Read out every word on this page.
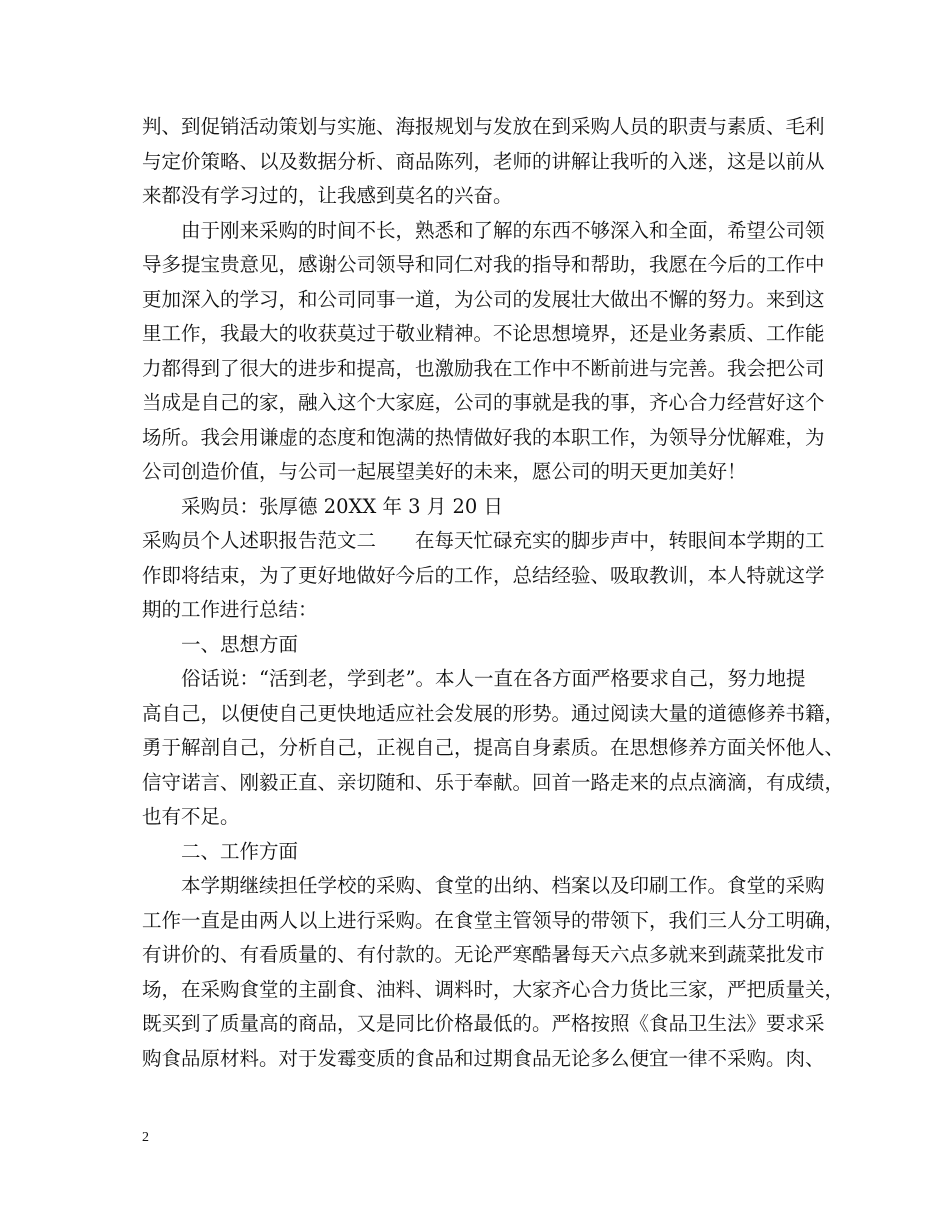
判、到促销活动策划与实施、海报规划与发放在到采购人员的职责与素质、毛利
与定价策略、以及数据分析、商品陈列，老师的讲解让我听的入迷，这是以前从
来都没有学习过的，让我感到莫名的兴奋。
由于刚来采购的时间不长，熟悉和了解的东西不够深入和全面，希望公司领
导多提宝贵意见，感谢公司领导和同仁对我的指导和帮助，我愿在今后的工作中
更加深入的学习，和公司同事一道，为公司的发展壮大做出不懈的努力。来到这
里工作，我最大的收获莫过于敬业精神。不论思想境界，还是业务素质、工作能
力都得到了很大的进步和提高，也激励我在工作中不断前进与完善。我会把公司
当成是自己的家，融入这个大家庭，公司的事就是我的事，齐心合力经营好这个
场所。我会用谦虚的态度和饱满的热情做好我的本职工作，为领导分忧解难，为
公司创造价值，与公司一起展望美好的未来，愿公司的明天更加美好！
采购员：张厚德 20XX 年 3 月 20 日
采购员个人述职报告范文二　　在每天忙碌充实的脚步声中，转眼间本学期的工
作即将结束，为了更好地做好今后的工作，总结经验、吸取教训，本人特就这学
期的工作进行总结：
一、思想方面
俗话说：“活到老，学到老”。本人一直在各方面严格要求自己，努力地提
高自己，以便使自己更快地适应社会发展的形势。通过阅读大量的道德修养书籍，
勇于解剖自己，分析自己，正视自己，提高自身素质。在思想修养方面关怀他人、
信守诺言、刚毅正直、亲切随和、乐于奉献。回首一路走来的点点滴滴，有成绩，
也有不足。
二、工作方面
本学期继续担任学校的采购、食堂的出纳、档案以及印刷工作。食堂的采购
工作一直是由两人以上进行采购。在食堂主管领导的带领下，我们三人分工明确，
有讲价的、有看质量的、有付款的。无论严寒酷暑每天六点多就来到蔬菜批发市
场，在采购食堂的主副食、油料、调料时，大家齐心合力货比三家，严把质量关，
既买到了质量高的商品，又是同比价格最低的。严格按照《食品卫生法》要求采
购食品原材料。对于发霉变质的食品和过期食品无论多么便宜一律不采购。肉、
2
